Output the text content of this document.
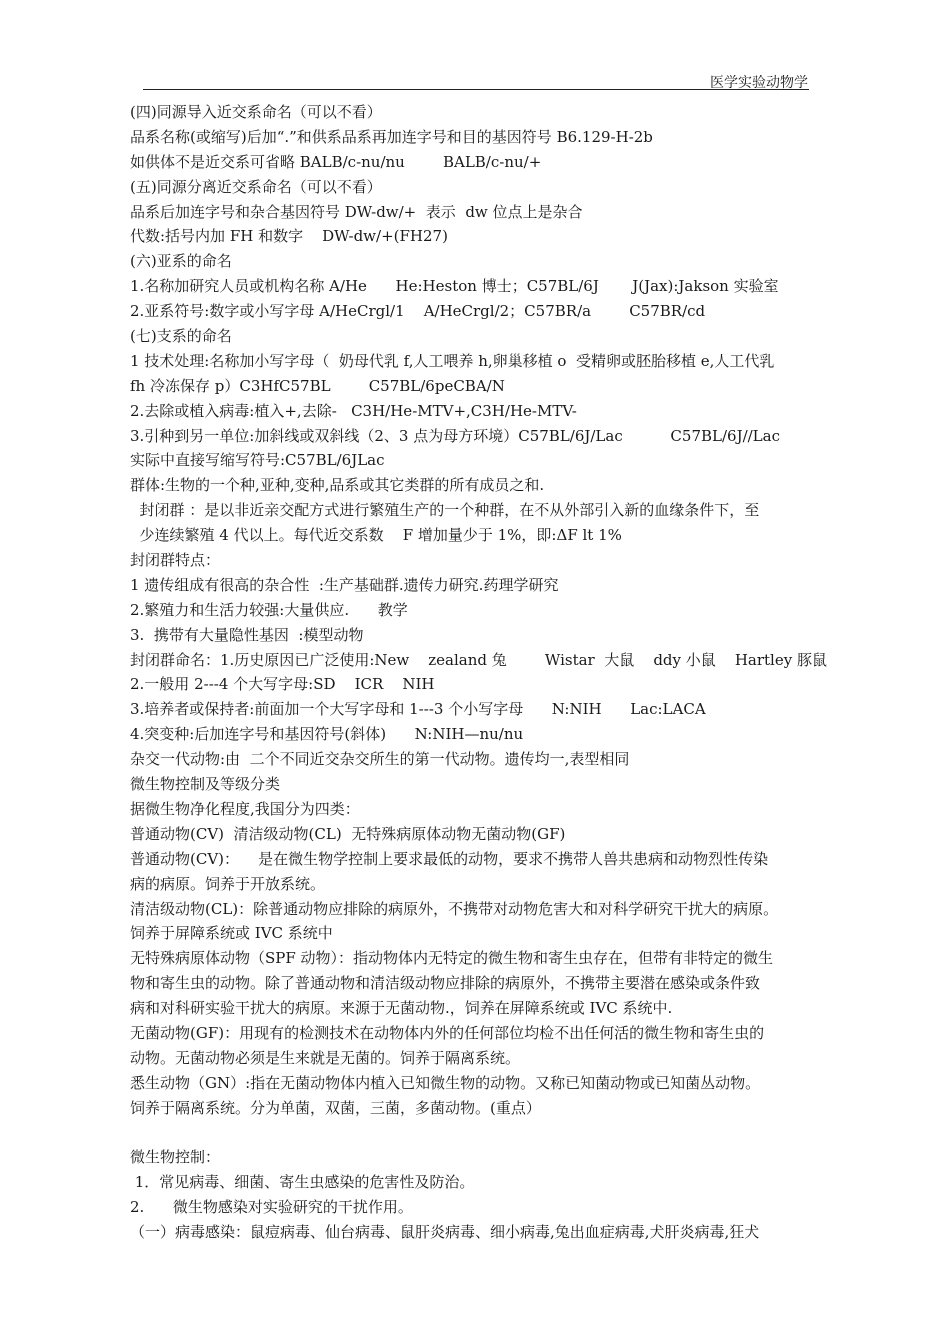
医学实验动物学
(四)同源导入近交系命名（可以不看）
品系名称(或缩写)后加“.”和供系品系再加连字号和目的基因符号 B6.129-H-2b
如供体不是近交系可省略 BALB/c-nu/nu        BALB/c-nu/+
(五)同源分离近交系命名（可以不看）
品系后加连字号和杂合基因符号 DW-dw/+  表示  dw 位点上是杂合
代数:括号内加 FH 和数字    DW-dw/+(FH27)
(六)亚系的命名
1.名称加研究人员或机构名称 A/He      He:Heston 博士；C57BL/6J       J(Jax):Jakson 实验室
2.亚系符号:数字或小写字母 A/HeCrgl/1    A/HeCrgl/2；C57BR/a        C57BR/cd
(七)支系的命名
1 技术处理:名称加小写字母（  奶母代乳 f,人工喂养 h,卵巢移植 o  受精卵或胚胎移植 e,人工代乳
fh 冷冻保存 p）C3HfC57BL        C57BL/6peCBA/N
2.去除或植入病毒:植入+,去除-   C3H/He-MTV+,C3H/He-MTV-
3.引种到另一单位:加斜线或双斜线（2、3 点为母方环境）C57BL/6J/Lac          C57BL/6J//Lac
实际中直接写缩写符号:C57BL/6JLac
群体:生物的一个种,亚种,变种,品系或其它类群的所有成员之和.
封闭群 ：是以非近亲交配方式进行繁殖生产的一个种群，在不从外部引入新的血缘条件下，至
少连续繁殖 4 代以上。每代近交系数    F 增加量少于 1%，即:ΔF lt 1%
封闭群特点：
1 遗传组成有很高的杂合性  :生产基础群.遗传力研究.药理学研究
2.繁殖力和生活力较强:大量供应.      教学
3.  携带有大量隐性基因  :模型动物
封闭群命名：1.历史原因已广泛使用:New    zealand 兔        Wistar  大鼠    ddy 小鼠    Hartley 豚鼠
2.一般用 2---4 个大写字母:SD    ICR    NIH
3.培养者或保持者:前面加一个大写字母和 1---3 个小写字母      N:NIH      Lac:LACA
4.突变种:后加连字号和基因符号(斜体)      N:NIH—nu/nu
杂交一代动物:由  二个不同近交杂交所生的第一代动物。遗传均一,表型相同
微生物控制及等级分类
据微生物净化程度,我国分为四类：
普通动物(CV)  清洁级动物(CL)  无特殊病原体动物无菌动物(GF)
普通动物(CV)：    是在微生物学控制上要求最低的动物，要求不携带人兽共患病和动物烈性传染
病的病原。饲养于开放系统。
清洁级动物(CL)：除普通动物应排除的病原外，不携带对动物危害大和对科学研究干扰大的病原。
饲养于屏障系统或 IVC 系统中
无特殊病原体动物（SPF 动物）：指动物体内无特定的微生物和寄生虫存在，但带有非特定的微生
物和寄生虫的动物。除了普通动物和清洁级动物应排除的病原外，不携带主要潜在感染或条件致
病和对科研实验干扰大的病原。来源于无菌动物.，饲养在屏障系统或 IVC 系统中.
无菌动物(GF)：用现有的检测技术在动物体内外的任何部位均检不出任何活的微生物和寄生虫的
动物。无菌动物必须是生来就是无菌的。饲养于隔离系统。
悉生动物（GN）:指在无菌动物体内植入已知微生物的动物。又称已知菌动物或已知菌丛动物。
饲养于隔离系统。分为单菌，双菌，三菌，多菌动物。(重点）
微生物控制：
1．常见病毒、细菌、寄生虫感染的危害性及防治。
2.      微生物感染对实验研究的干扰作用。
（一）病毒感染：鼠痘病毒、仙台病毒、鼠肝炎病毒、细小病毒,兔出血症病毒,犬肝炎病毒,狂犬
